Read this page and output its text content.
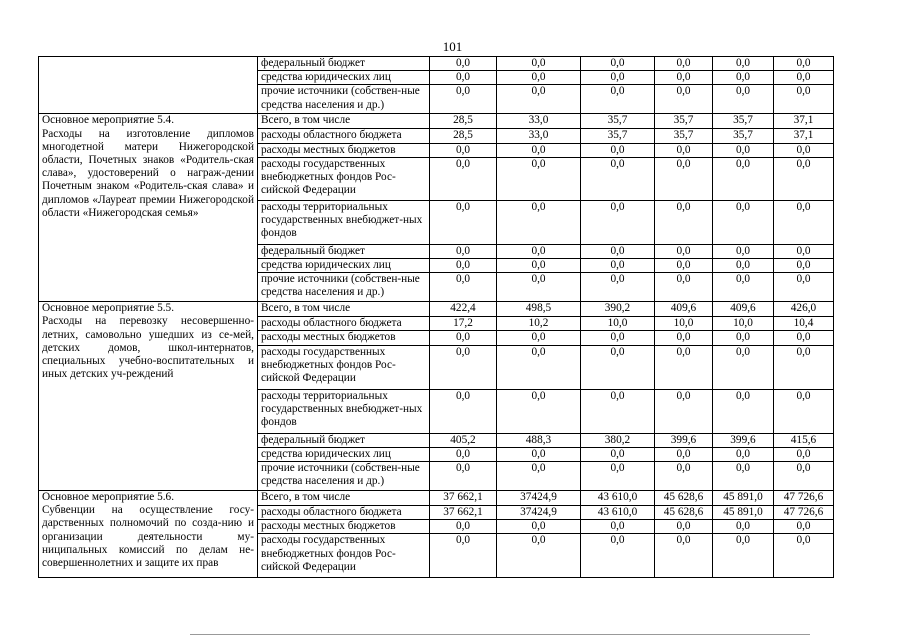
101
	федеральный бюджет	0,0	0,0	0,0	0,0	0,0	0,0
	средства юридических лиц	0,0	0,0	0,0	0,0	0,0	0,0
	прочие источники (собствен-ные средства населения и др.)	0,0	0,0	0,0	0,0	0,0	0,0

Основное мероприятие 5.4.
Расходы на изготовление дипломов многодетной матери Нижегородской области, Почетных знаков «Родитель-ская слава», удостоверений о награж-дении Почетным знаком «Родитель-ская слава» и дипломов «Лауреат премии Нижегородской области «Нижегородская семья»	Всего, в том числе	28,5	33,0	35,7	35,7	35,7	37,1
	расходы областного бюджета	28,5	33,0	35,7	35,7	35,7	37,1
	расходы местных бюджетов	0,0	0,0	0,0	0,0	0,0	0,0
	расходы государственных внебюджетных фондов Рос-сийской Федерации	0,0	0,0	0,0	0,0	0,0	0,0
	расходы территориальных государственных внебюджет-ных фондов	0,0	0,0	0,0	0,0	0,0	0,0
	федеральный бюджет	0,0	0,0	0,0	0,0	0,0	0,0
	средства юридических лиц	0,0	0,0	0,0	0,0	0,0	0,0
	прочие источники (собствен-ные средства населения и др.)	0,0	0,0	0,0	0,0	0,0	0,0

Основное мероприятие 5.5.
Расходы на перевозку несовершенно-летних, самовольно ушедших из се-мей, детских домов, школ-интернатов, специальных учебно-воспитательных и иных детских уч-реждений	Всего, в том числе	422,4	498,5	390,2	409,6	409,6	426,0
	расходы областного бюджета	17,2	10,2	10,0	10,0	10,0	10,4
	расходы местных бюджетов	0,0	0,0	0,0	0,0	0,0	0,0
	расходы государственных внебюджетных фондов Рос-сийской Федерации	0,0	0,0	0,0	0,0	0,0	0,0
	расходы территориальных государственных внебюджет-ных фондов	0,0	0,0	0,0	0,0	0,0	0,0
	федеральный бюджет	405,2	488,3	380,2	399,6	399,6	415,6
	средства юридических лиц	0,0	0,0	0,0	0,0	0,0	0,0
	прочие источники (собствен-ные средства населения и др.)	0,0	0,0	0,0	0,0	0,0	0,0

Основное мероприятие 5.6.
Субвенции на осуществление госу-дарственных полномочий по созда-нию и организации деятельности му-ниципальных комиссий по делам не-совершеннолетних и защите их прав	Всего, в том числе	37 662,1	37424,9	43 610,0	45 628,6	45 891,0	47 726,6
	расходы областного бюджета	37 662,1	37424,9	43 610,0	45 628,6	45 891,0	47 726,6
	расходы местных бюджетов	0,0	0,0	0,0	0,0	0,0	0,0
	расходы государственных внебюджетных фондов Рос-сийской Федерации	0,0	0,0	0,0	0,0	0,0	0,0
